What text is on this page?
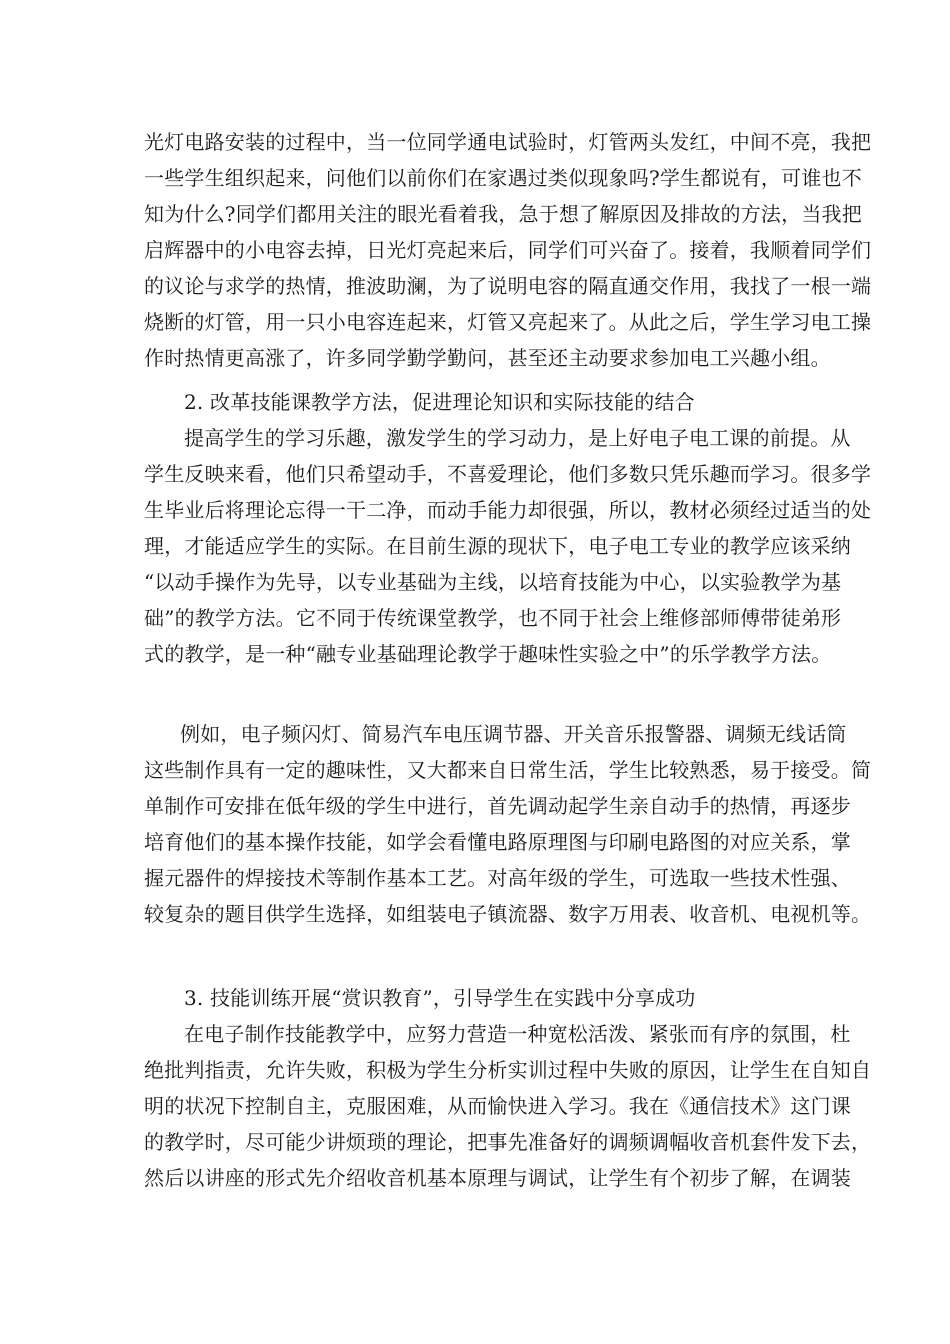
光灯电路安装的过程中，当一位同学通电试验时，灯管两头发红，中间不亮，我把
一些学生组织起来，问他们以前你们在家遇过类似现象吗?学生都说有，可谁也不
知为什么?同学们都用关注的眼光看着我，急于想了解原因及排故的方法，当我把
启辉器中的小电容去掉，日光灯亮起来后，同学们可兴奋了。接着，我顺着同学们
的议论与求学的热情，推波助澜，为了说明电容的隔直通交作用，我找了一根一端
烧断的灯管，用一只小电容连起来，灯管又亮起来了。从此之后，学生学习电工操
作时热情更高涨了，许多同学勤学勤问，甚至还主动要求参加电工兴趣小组。
2. 改革技能课教学方法，促进理论知识和实际技能的结合
提高学生的学习乐趣，激发学生的学习动力，是上好电子电工课的前提。从
学生反映来看，他们只希望动手，不喜爱理论，他们多数只凭乐趣而学习。很多学
生毕业后将理论忘得一干二净，而动手能力却很强，所以，教材必须经过适当的处
理，才能适应学生的实际。在目前生源的现状下，电子电工专业的教学应该采纳
“以动手操作为先导，以专业基础为主线，以培育技能为中心，以实验教学为基
础”的教学方法。它不同于传统课堂教学，也不同于社会上维修部师傅带徒弟形
式的教学，是一种“融专业基础理论教学于趣味性实验之中”的乐学教学方法。
例如，电子频闪灯、简易汽车电压调节器、开关音乐报警器、调频无线话筒
这些制作具有一定的趣味性，又大都来自日常生活，学生比较熟悉，易于接受。简
单制作可安排在低年级的学生中进行，首先调动起学生亲自动手的热情，再逐步
培育他们的基本操作技能，如学会看懂电路原理图与印刷电路图的对应关系，掌
握元器件的焊接技术等制作基本工艺。对高年级的学生，可选取一些技术性强、
较复杂的题目供学生选择，如组装电子镇流器、数字万用表、收音机、电视机等。
3. 技能训练开展“赏识教育”，引导学生在实践中分享成功
在电子制作技能教学中，应努力营造一种宽松活泼、紧张而有序的氛围，杜
绝批判指责，允许失败，积极为学生分析实训过程中失败的原因，让学生在自知自
明的状况下控制自主，克服困难，从而愉快进入学习。我在《通信技术》这门课
的教学时，尽可能少讲烦琐的理论，把事先准备好的调频调幅收音机套件发下去，
然后以讲座的形式先介绍收音机基本原理与调试，让学生有个初步了解，在调装
